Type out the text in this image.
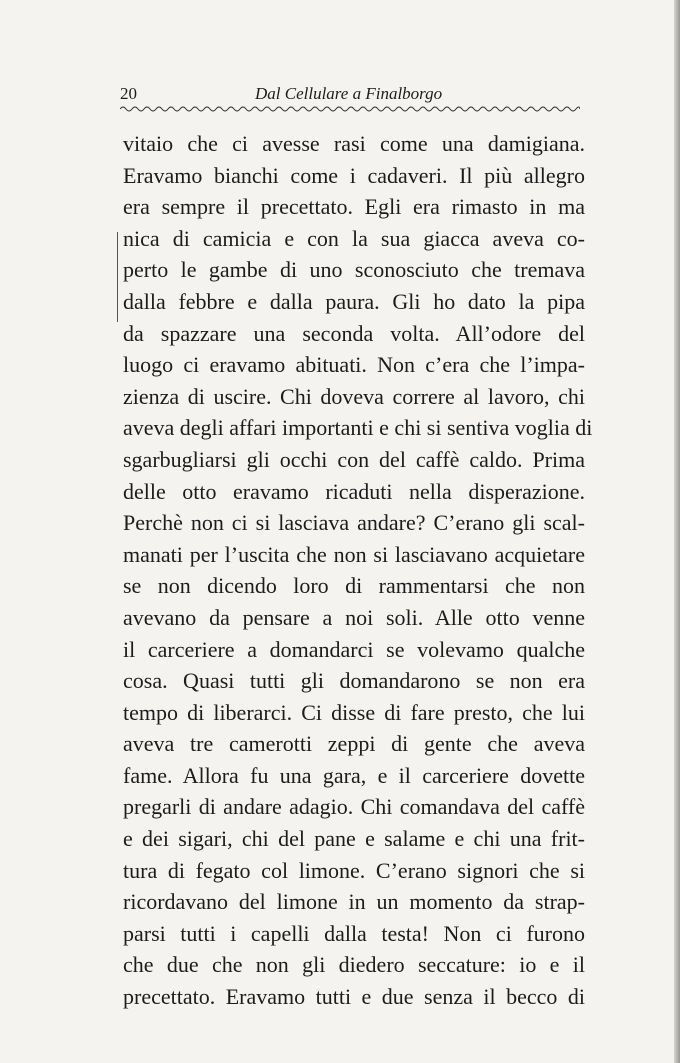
20	Dal Cellulare a Finalborgo
vitaio che ci avesse rasi come una damigiana.
Eravamo bianchi come i cadaveri. Il più allegro
era sempre il precettato. Egli era rimasto in ma
nica di camicia e con la sua giacca aveva co-
perto le gambe di uno sconosciuto che tremava
dalla febbre e dalla paura. Gli ho dato la pipa
da spazzare una seconda volta. All’odore del
luogo ci eravamo abituati. Non c’era che l’impa-
zienza di uscire. Chi doveva correre al lavoro, chi
aveva degli affari importanti e chi si sentiva voglia di
sgarbugliarsi gli occhi con del caffè caldo. Prima
delle otto eravamo ricaduti nella disperazione.
Perchè non ci si lasciava andare? C’erano gli scal-
manati per l’uscita che non si lasciavano acquietare
se non dicendo loro di rammentarsi che non
avevano da pensare a noi soli. Alle otto venne
il carceriere a domandarci se volevamo qualche
cosa. Quasi tutti gli domandarono se non era
tempo di liberarci. Ci disse di fare presto, che lui
aveva tre camerotti zeppi di gente che aveva
fame. Allora fu una gara, e il carceriere dovette
pregarli di andare adagio. Chi comandava del caffè
e dei sigari, chi del pane e salame e chi una frit-
tura di fegato col limone. C’erano signori che si
ricordavano del limone in un momento da strap-
parsi tutti i capelli dalla testa! Non ci furono
che due che non gli diedero seccature: io e il
precettato. Eravamo tutti e due senza il becco di
